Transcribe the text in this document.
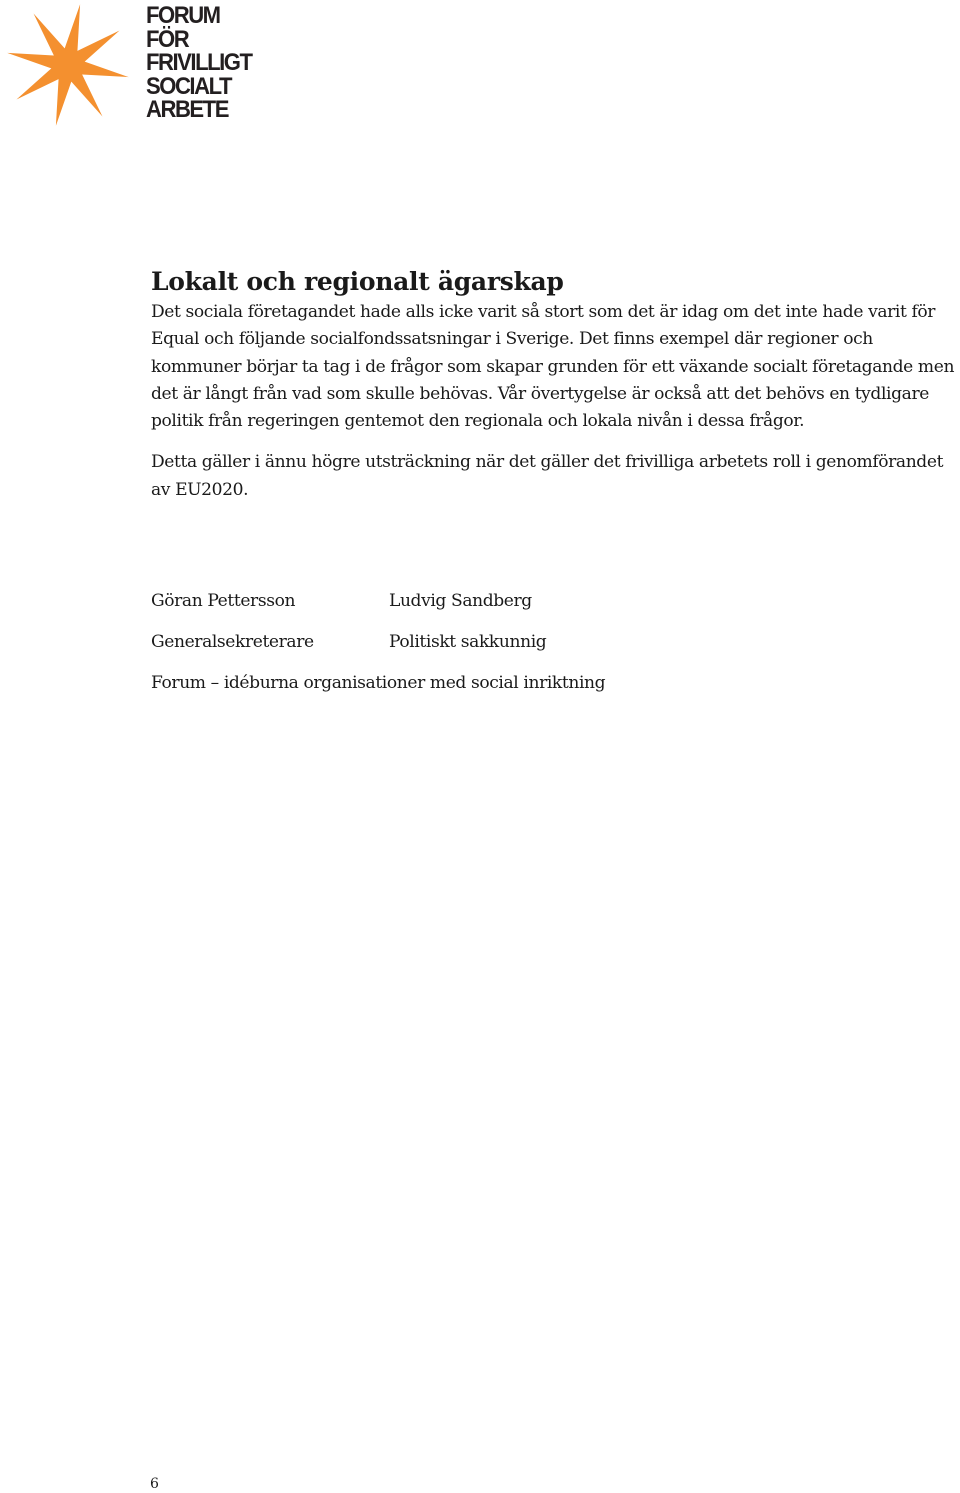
FORUM
FÖR
FRIVILLIGT
SOCIALT
ARBETE
Lokalt och regionalt ägarskap

Det sociala företagandet hade alls icke varit så stort som det är idag om det inte hade varit för Equal och följande socialfondssatsningar i Sverige. Det finns exempel där regioner och kommuner börjar ta tag i de frågor som skapar grunden för ett växande socialt företagande men det är långt från vad som skulle behövas. Vår övertygelse är också att det behövs en tydligare politik från regeringen gentemot den regionala och lokala nivån i dessa frågor.

Detta gäller i ännu högre utsträckning när det gäller det frivilliga arbetets roll i genomförandet av EU2020.

Göran Pettersson	Ludvig Sandberg
Generalsekreterare	Politiskt sakkunnig
Forum – idéburna organisationer med social inriktning
6
